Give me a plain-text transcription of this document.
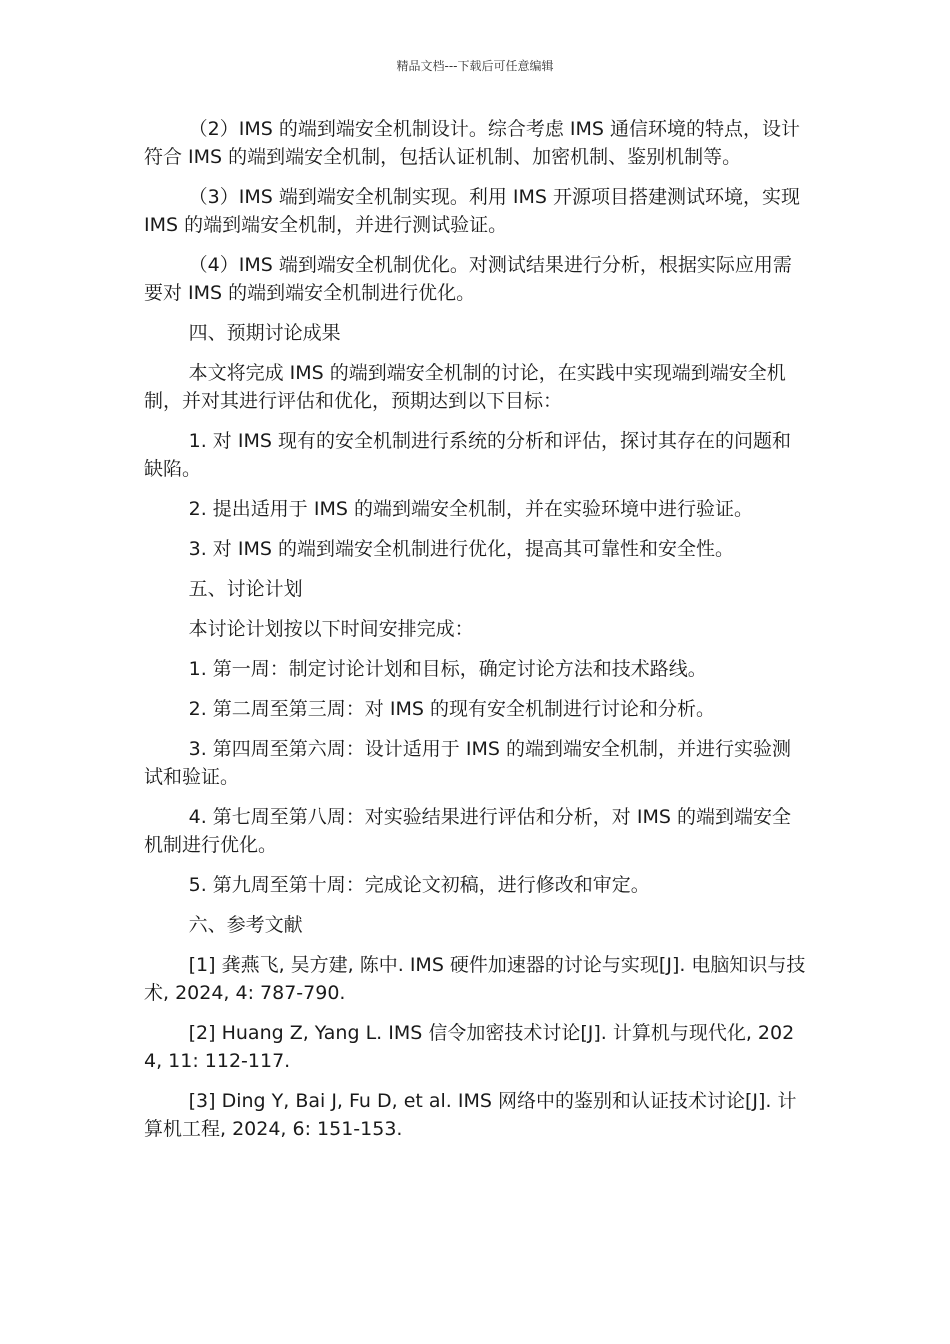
精品文档---下载后可任意编辑

（2）IMS 的端到端安全机制设计。综合考虑 IMS 通信环境的特点，设计符合 IMS 的端到端安全机制，包括认证机制、加密机制、鉴别机制等。

（3）IMS 端到端安全机制实现。利用 IMS 开源项目搭建测试环境，实现 IMS 的端到端安全机制，并进行测试验证。

（4）IMS 端到端安全机制优化。对测试结果进行分析，根据实际应用需要对 IMS 的端到端安全机制进行优化。

四、预期讨论成果

本文将完成 IMS 的端到端安全机制的讨论，在实践中实现端到端安全机制，并对其进行评估和优化，预期达到以下目标：

1. 对 IMS 现有的安全机制进行系统的分析和评估，探讨其存在的问题和缺陷。

2. 提出适用于 IMS 的端到端安全机制，并在实验环境中进行验证。

3. 对 IMS 的端到端安全机制进行优化，提高其可靠性和安全性。

五、讨论计划

本讨论计划按以下时间安排完成：

1. 第一周：制定讨论计划和目标，确定讨论方法和技术路线。

2. 第二周至第三周：对 IMS 的现有安全机制进行讨论和分析。

3. 第四周至第六周：设计适用于 IMS 的端到端安全机制，并进行实验测试和验证。

4. 第七周至第八周：对实验结果进行评估和分析，对 IMS 的端到端安全机制进行优化。

5. 第九周至第十周：完成论文初稿，进行修改和审定。

六、参考文献

[1] 龚燕飞, 吴方建, 陈中. IMS 硬件加速器的讨论与实现[J]. 电脑知识与技术, 2024, 4: 787-790.

[2] Huang Z, Yang L. IMS 信令加密技术讨论[J]. 计算机与现代化, 2024, 11: 112-117.

[3] Ding Y, Bai J, Fu D, et al. IMS 网络中的鉴别和认证技术讨论[J]. 计算机工程, 2024, 6: 151-153.
